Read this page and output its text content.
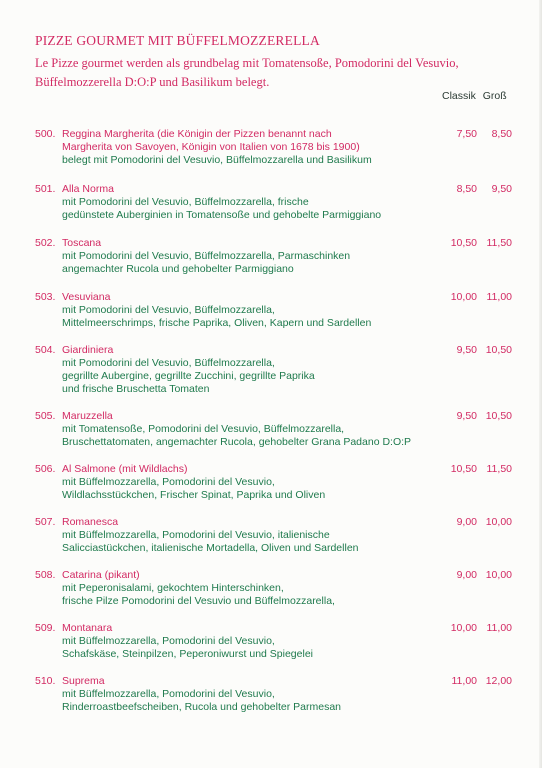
PIZZE GOURMET MIT BÜFFELMOZZERELLA
Le Pizze gourmet werden als grundbelag mit Tomatensoße, Pomodorini del Vesuvio,
Büffelmozzerella D:O:P und Basilikum belegt.
Classik Groß
500. Reggina Margherita (die Königin der Pizzen benannt nach
Margherita von Savoyen, Königin von Italien von 1678 bis 1900)
belegt mit Pomodorini del Vesuvio, Büffelmozzarella und Basilikum
7,50	8,50
501. Alla Norma
mit Pomodorini del Vesuvio, Büffelmozzarella, frische
gedünstete Auberginien in Tomatensoße und gehobelte Parmiggiano
8,50	9,50
502. Toscana
mit Pomodorini del Vesuvio, Büffelmozzarella, Parmaschinken
angemachter Rucola und gehobelter Parmiggiano
10,50 11,50
503. Vesuviana
mit Pomodorini del Vesuvio, Büffelmozzarella,
Mittelmeerschrimps, frische Paprika, Oliven, Kapern und Sardellen
10,00 11,00
504. Giardiniera
mit Pomodorini del Vesuvio, Büffelmozzarella,
gegrillte Aubergine, gegrillte Zucchini, gegrillte Paprika
und frische Bruschetta Tomaten
9,50 10,50
505. Maruzzella
mit Tomatensoße, Pomodorini del Vesuvio, Büffelmozzarella,
Bruschettatomaten, angemachter Rucola, gehobelter Grana Padano D:O:P
9,50 10,50
506. Al Salmone (mit Wildlachs)
mit Büffelmozzarella, Pomodorini del Vesuvio,
Wildlachsstückchen, Frischer Spinat, Paprika und Oliven
10,50 11,50
507. Romanesca
mit Büffelmozzarella, Pomodorini del Vesuvio, italienische
Salicciastückchen, italienische Mortadella, Oliven und Sardellen
9,00 10,00
508. Catarina (pikant)
mit Peperonisalami, gekochtem Hinterschinken,
frische Pilze Pomodorini del Vesuvio und Büffelmozzarella,
9,00 10,00
509. Montanara
mit Büffelmozzarella, Pomodorini del Vesuvio,
Schafskäse, Steinpilzen, Peperoniwurst und Spiegelei
10,00 11,00
510. Suprema
mit Büffelmozzarella, Pomodorini del Vesuvio,
Rinderroastbeefscheiben, Rucola und gehobelter Parmesan
11,00 12,00
